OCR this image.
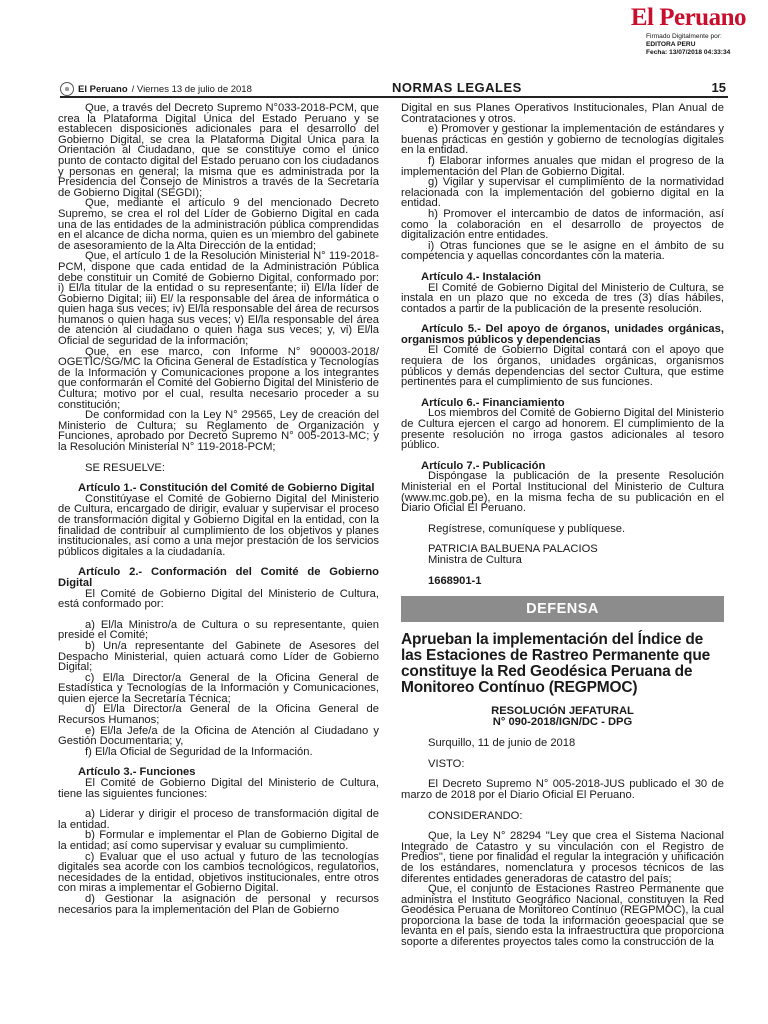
El Peruano
Firmado Digitalmente por:
EDITORA PERU
Fecha: 13/07/2018 04:33:34
El Peruano / Viernes 13 de julio de 2018	NORMAS LEGALES	15

Que, a través del Decreto Supremo N°033-2018-PCM, que crea la Plataforma Digital Única del Estado Peruano y se establecen disposiciones adicionales para el desarrollo del Gobierno Digital, se crea la Plataforma Digital Única para la Orientación al Ciudadano, que se constituye como el único punto de contacto digital del Estado peruano con los ciudadanos y personas en general; la misma que es administrada por la Presidencia del Consejo de Ministros a través de la Secretaría de Gobierno Digital (SEGDI);

Que, mediante el artículo 9 del mencionado Decreto Supremo, se crea el rol del Líder de Gobierno Digital en cada una de las entidades de la administración pública comprendidas en el alcance de dicha norma, quien es un miembro del gabinete de asesoramiento de la Alta Dirección de la entidad;

Que, el artículo 1 de la Resolución Ministerial N° 119-2018-PCM, dispone que cada entidad de la Administración Pública debe constituir un Comité de Gobierno Digital, conformado por: i) El/la titular de la entidad o su representante; ii) El/la líder de Gobierno Digital; iii) El/ la responsable del área de informática o quien haga sus veces; iv) El/la responsable del área de recursos humanos o quien haga sus veces; v) El/la responsable del área de atención al ciudadano o quien haga sus veces; y, vi) El/la Oficial de seguridad de la información;

Que, en ese marco, con Informe N° 900003-2018/ OGETIC/SG/MC la Oficina General de Estadística y Tecnologías de la Información y Comunicaciones propone a los integrantes que conformarán el Comité del Gobierno Digital del Ministerio de Cultura; motivo por el cual, resulta necesario proceder a su constitución;

De conformidad con la Ley N° 29565, Ley de creación del Ministerio de Cultura; su Reglamento de Organización y Funciones, aprobado por Decreto Supremo N° 005-2013-MC; y la Resolución Ministerial N° 119-2018-PCM;

SE RESUELVE:

Artículo 1.- Constitución del Comité de Gobierno Digital

Constitúyase el Comité de Gobierno Digital del Ministerio de Cultura, encargado de dirigir, evaluar y supervisar el proceso de transformación digital y Gobierno Digital en la entidad, con la finalidad de contribuir al cumplimiento de los objetivos y planes institucionales, así como a una mejor prestación de los servicios públicos digitales a la ciudadanía.

Artículo 2.- Conformación del Comité de Gobierno Digital

El Comité de Gobierno Digital del Ministerio de Cultura, está conformado por:

a) El/la Ministro/a de Cultura o su representante, quien preside el Comité;

b) Un/a representante del Gabinete de Asesores del Despacho Ministerial, quien actuará como Líder de Gobierno Digital;

c) El/la Director/a General de la Oficina General de Estadística y Tecnologías de la Información y Comunicaciones, quien ejerce la Secretaría Técnica;

d) El/la Director/a General de la Oficina General de Recursos Humanos;

e) El/la Jefe/a de la Oficina de Atención al Ciudadano y Gestión Documentaria; y,

f) El/la Oficial de Seguridad de la Información.

Artículo 3.- Funciones

El Comité de Gobierno Digital del Ministerio de Cultura, tiene las siguientes funciones:

a) Liderar y dirigir el proceso de transformación digital de la entidad.

b) Formular e implementar el Plan de Gobierno Digital de la entidad; así como supervisar y evaluar su cumplimiento.

c) Evaluar que el uso actual y futuro de las tecnologías digitales sea acorde con los cambios tecnológicos, regulatorios, necesidades de la entidad, objetivos institucionales, entre otros con miras a implementar el Gobierno Digital.

d) Gestionar la asignación de personal y recursos necesarios para la implementación del Plan de Gobierno

Digital en sus Planes Operativos Institucionales, Plan Anual de Contrataciones y otros.

e) Promover y gestionar la implementación de estándares y buenas prácticas en gestión y gobierno de tecnologías digitales en la entidad.

f) Elaborar informes anuales que midan el progreso de la implementación del Plan de Gobierno Digital.

g) Vigilar y supervisar el cumplimiento de la normatividad relacionada con la implementación del gobierno digital en la entidad.

h) Promover el intercambio de datos de información, así como la colaboración en el desarrollo de proyectos de digitalización entre entidades.

i) Otras funciones que se le asigne en el ámbito de su competencia y aquellas concordantes con la materia.

Artículo 4.- Instalación

El Comité de Gobierno Digital del Ministerio de Cultura, se instala en un plazo que no exceda de tres (3) días hábiles, contados a partir de la publicación de la presente resolución.

Artículo 5.- Del apoyo de órganos, unidades orgánicas, organismos públicos y dependencias

El Comité de Gobierno Digital contará con el apoyo que requiera de los órganos, unidades orgánicas, organismos públicos y demás dependencias del sector Cultura, que estime pertinentes para el cumplimiento de sus funciones.

Artículo 6.- Financiamiento

Los miembros del Comité de Gobierno Digital del Ministerio de Cultura ejercen el cargo ad honorem. El cumplimiento de la presente resolución no irroga gastos adicionales al tesoro público.

Artículo 7.- Publicación

Dispóngase la publicación de la presente Resolución Ministerial en el Portal Institucional del Ministerio de Cultura (www.mc.gob.pe), en la misma fecha de su publicación en el Diario Oficial El Peruano.

Regístrese, comuníquese y publíquese.

PATRICIA BALBUENA PALACIOS

Ministra de Cultura

1668901-1

DEFENSA
Aprueban la implementación del Índice de las Estaciones de Rastreo Permanente que constituye la Red Geodésica Peruana de Monitoreo Contínuo (REGPMOC)
RESOLUCIÓN JEFATURAL
N° 090-2018/IGN/DC - DPG

Surquillo, 11 de junio de 2018

VISTO:

El Decreto Supremo N° 005-2018-JUS publicado el 30 de marzo de 2018 por el Diario Oficial El Peruano.

CONSIDERANDO:

Que, la Ley N° 28294 "Ley que crea el Sistema Nacional Integrado de Catastro y su vinculación con el Registro de Predios", tiene por finalidad el regular la integración y unificación de los estándares, nomenclatura y procesos técnicos de las diferentes entidades generadoras de catastro del país;

Que, el conjunto de Estaciones Rastreo Permanente que administra el Instituto Geográfico Nacional, constituyen la Red Geodésica Peruana de Monitoreo Contínuo (REGPMOC), la cual proporciona la base de toda la información geoespacial que se levanta en el país, siendo esta la infraestructura que proporciona soporte a diferentes proyectos tales como la construcción de la
